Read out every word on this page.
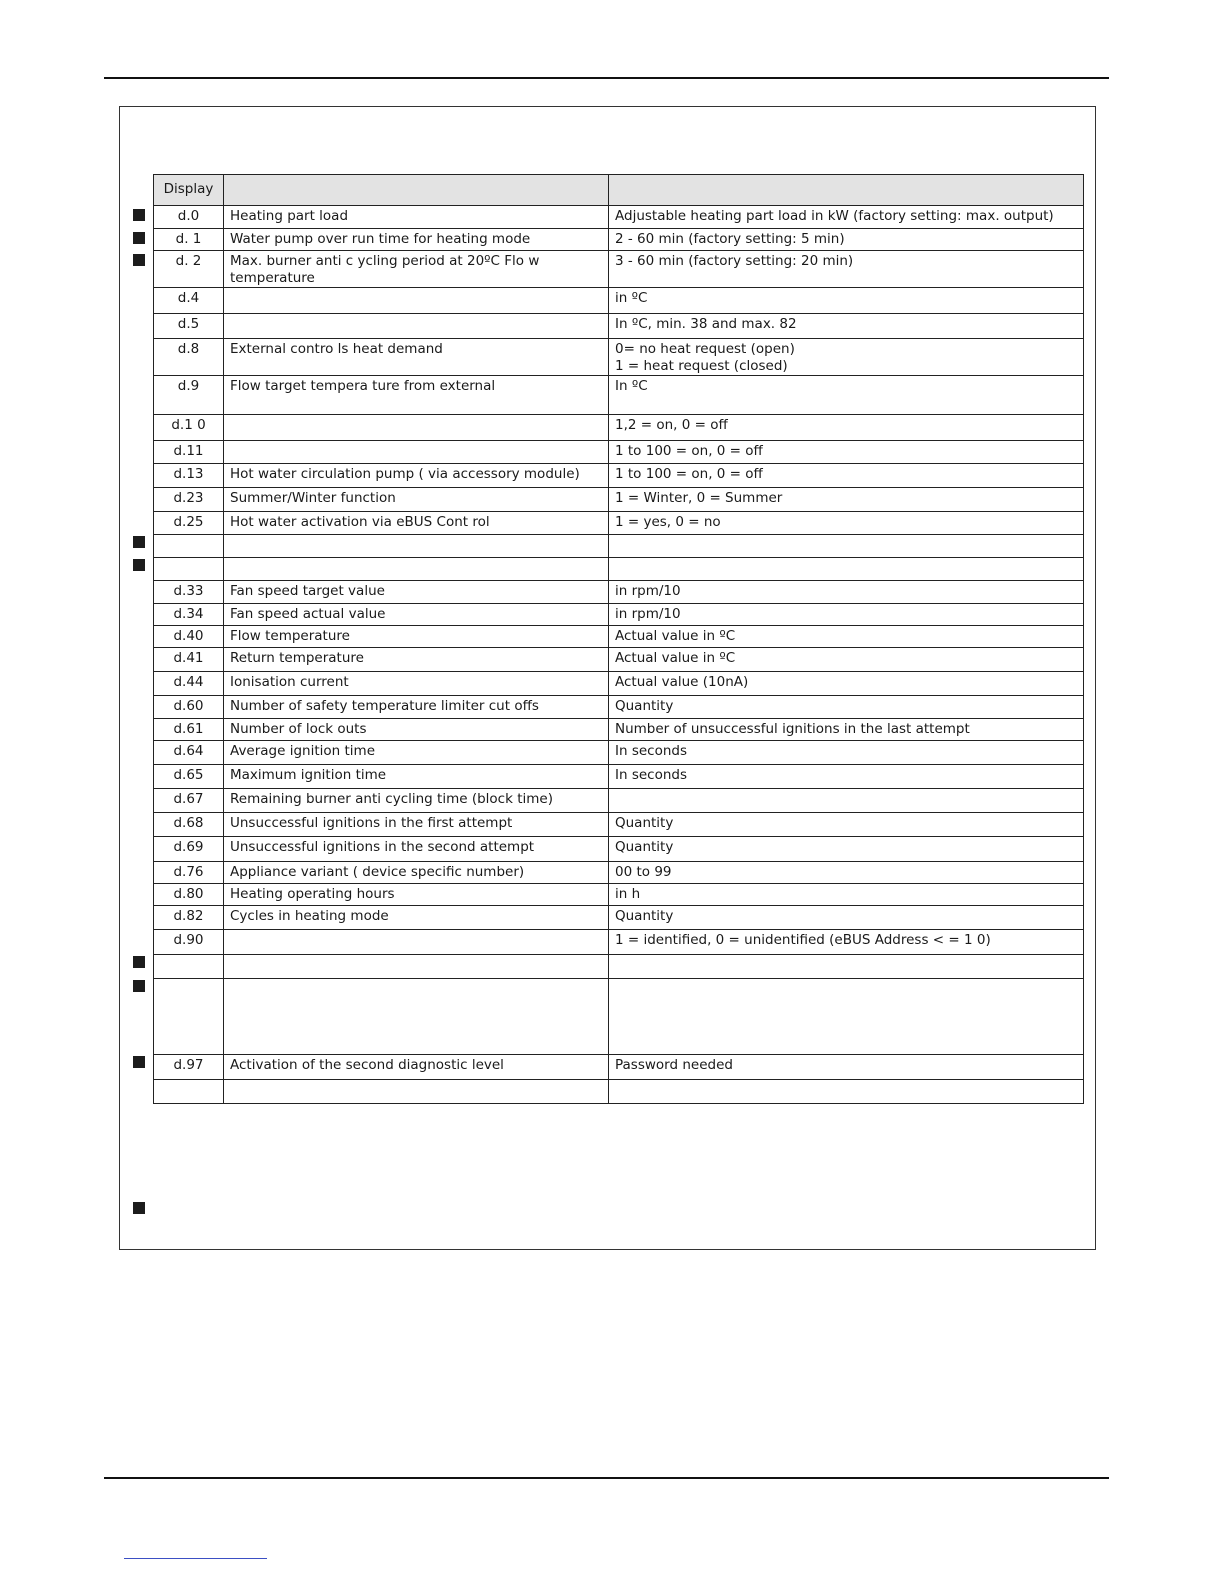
Display		
d.0	Heating part load	Adjustable heating part load in kW (factory setting: max. output)
d. 1	Water pump over run time for heating mode	2 - 60 min (factory setting: 5 min)
d. 2	Max. burner anti c ycling period at 20ºC Flo w temperature	3 - 60 min (factory setting: 20 min)
d.4		in ºC
d.5		In ºC, min. 38 and max. 82
d.8	External contro ls heat demand	0= no heat request (open)
1 = heat request (closed)
d.9	Flow target tempera ture from external	In ºC
d.1 0		1,2 = on, 0 = off
d.11		1 to 100 = on, 0 = off
d.13	Hot water circulation pump ( via accessory module)	1 to 100 = on, 0 = off
d.23	Summer/Winter function	1 = Winter, 0 = Summer
d.25	Hot water activation via eBUS Cont rol	1 = yes, 0 = no

d.33	Fan speed target value	in rpm/10
d.34	Fan speed actual value	in rpm/10
d.40	Flow temperature	Actual value in ºC
d.41	Return temperature	Actual value in ºC
d.44	Ionisation current	Actual value (10nA)
d.60	Number of safety temperature limiter cut offs	Quantity
d.61	Number of lock outs	Number of unsuccessful ignitions in the last attempt
d.64	Average ignition time	In seconds
d.65	Maximum ignition time	In seconds
d.67	Remaining burner anti cycling time (block time)	
d.68	Unsuccessful ignitions in the first attempt	Quantity
d.69	Unsuccessful ignitions in the second attempt	Quantity
d.76	Appliance variant ( device specific number)	00 to 99
d.80	Heating operating hours	in h
d.82	Cycles in heating mode	Quantity
d.90		1 = identified, 0 = unidentified (eBUS Address < = 1 0)

d.97	Activation of the second diagnostic level	Password needed
